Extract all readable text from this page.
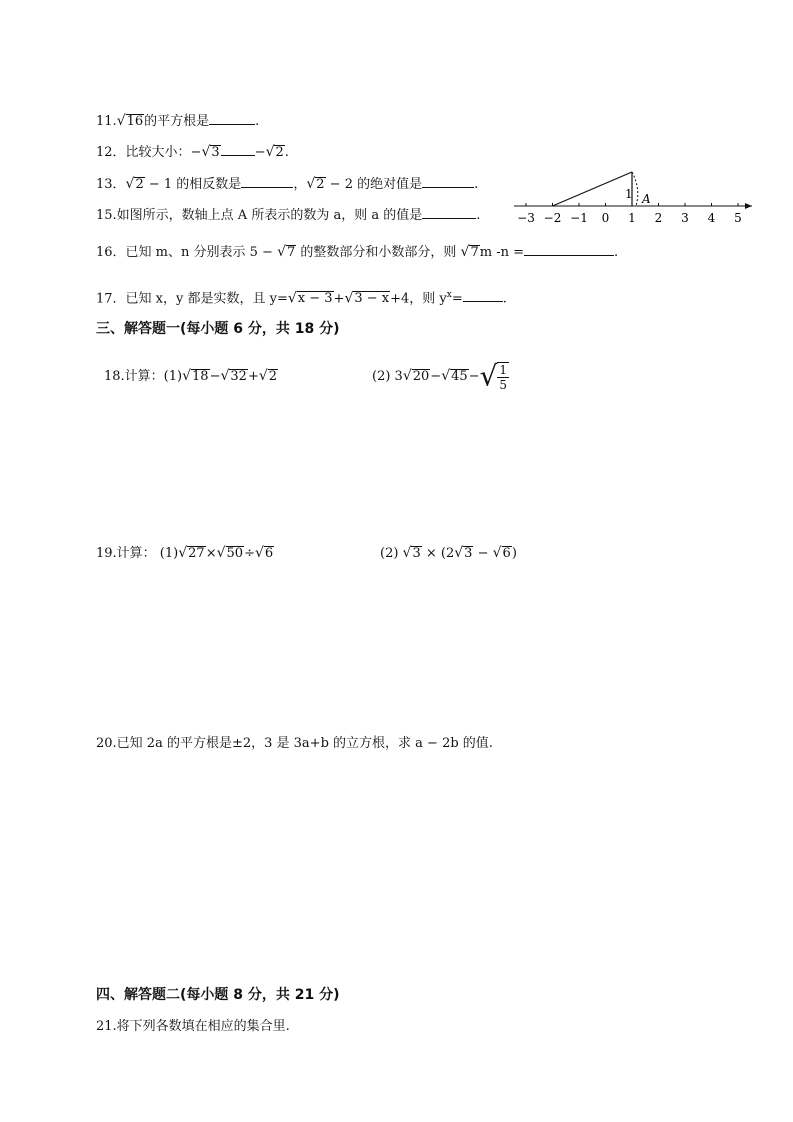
11.√16的平方根是	.
12．比较大小：−√3	−√2.
13．√2 − 1 的相反数是	，√2 − 2 的绝对值是	.
15.如图所示，数轴上点 A 所表示的数为 a，则 a 的值是	.	−3 −2 −1 0 1 2 3 4 5
1 A
16．已知 m、n 分别表示 5 − √7 的整数部分和小数部分，则 √7m -n =	.
17．已知 x，y 都是实数，且 y=√x − 3+√3 − x+4，则 $y^x=$	.
三、解答题一(每小题 6 分，共 18 分)
18.计算：(1)√18−√32+√2	(2) $3√20-√45-√ \frac{1}{5}$
19.计算： (1)√27×√50÷√6	(2) √3 × (2√3 − √6)
20.已知 2a 的平方根是±2，3 是 3a+b 的立方根，求 a − 2b 的值.
四、解答题二(每小题 8 分，共 21 分)
21.将下列各数填在相应的集合里.
